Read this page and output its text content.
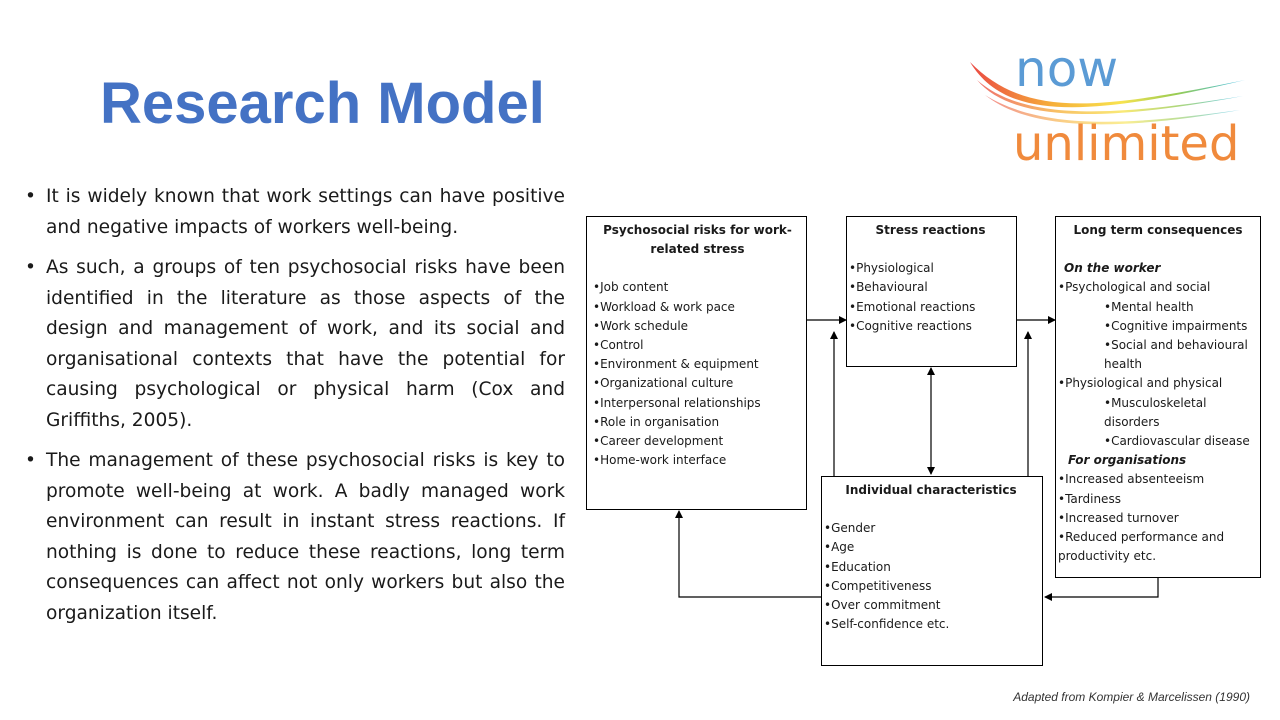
Research Model
now
unlimited
• It is widely known that work settings can have positive and negative impacts of workers well-being.
• As such, a groups of ten psychosocial risks have been identified in the literature as those aspects of the design and management of work, and its social and organisational contexts that have the potential for causing psychological or physical harm (Cox and Griffiths, 2005).
• The management of these psychosocial risks is key to promote well-being at work. A badly managed work environment can result in instant stress reactions. If nothing is done to reduce these reactions, long term consequences can affect not only workers but also the organization itself.
Psychosocial risks for work-related stress
• Job content
• Workload & work pace
• Work schedule
• Control
• Environment & equipment
• Organizational culture
• Interpersonal relationships
• Role in organisation
• Career development
• Home-work interface
Stress reactions
• Physiological
• Behavioural
• Emotional reactions
• Cognitive reactions
Long term consequences
On the worker
• Psychological and social
• Mental health
• Cognitive impairments
• Social and behavioural health
• Physiological and physical
• Musculoskeletal disorders
• Cardiovascular disease
For organisations
• Increased absenteeism
• Tardiness
• Increased turnover
• Reduced performance and productivity etc.
Individual characteristics
• Gender
• Age
• Education
• Competitiveness
• Over commitment
• Self-confidence etc.
Adapted from Kompier & Marcelissen (1990)
